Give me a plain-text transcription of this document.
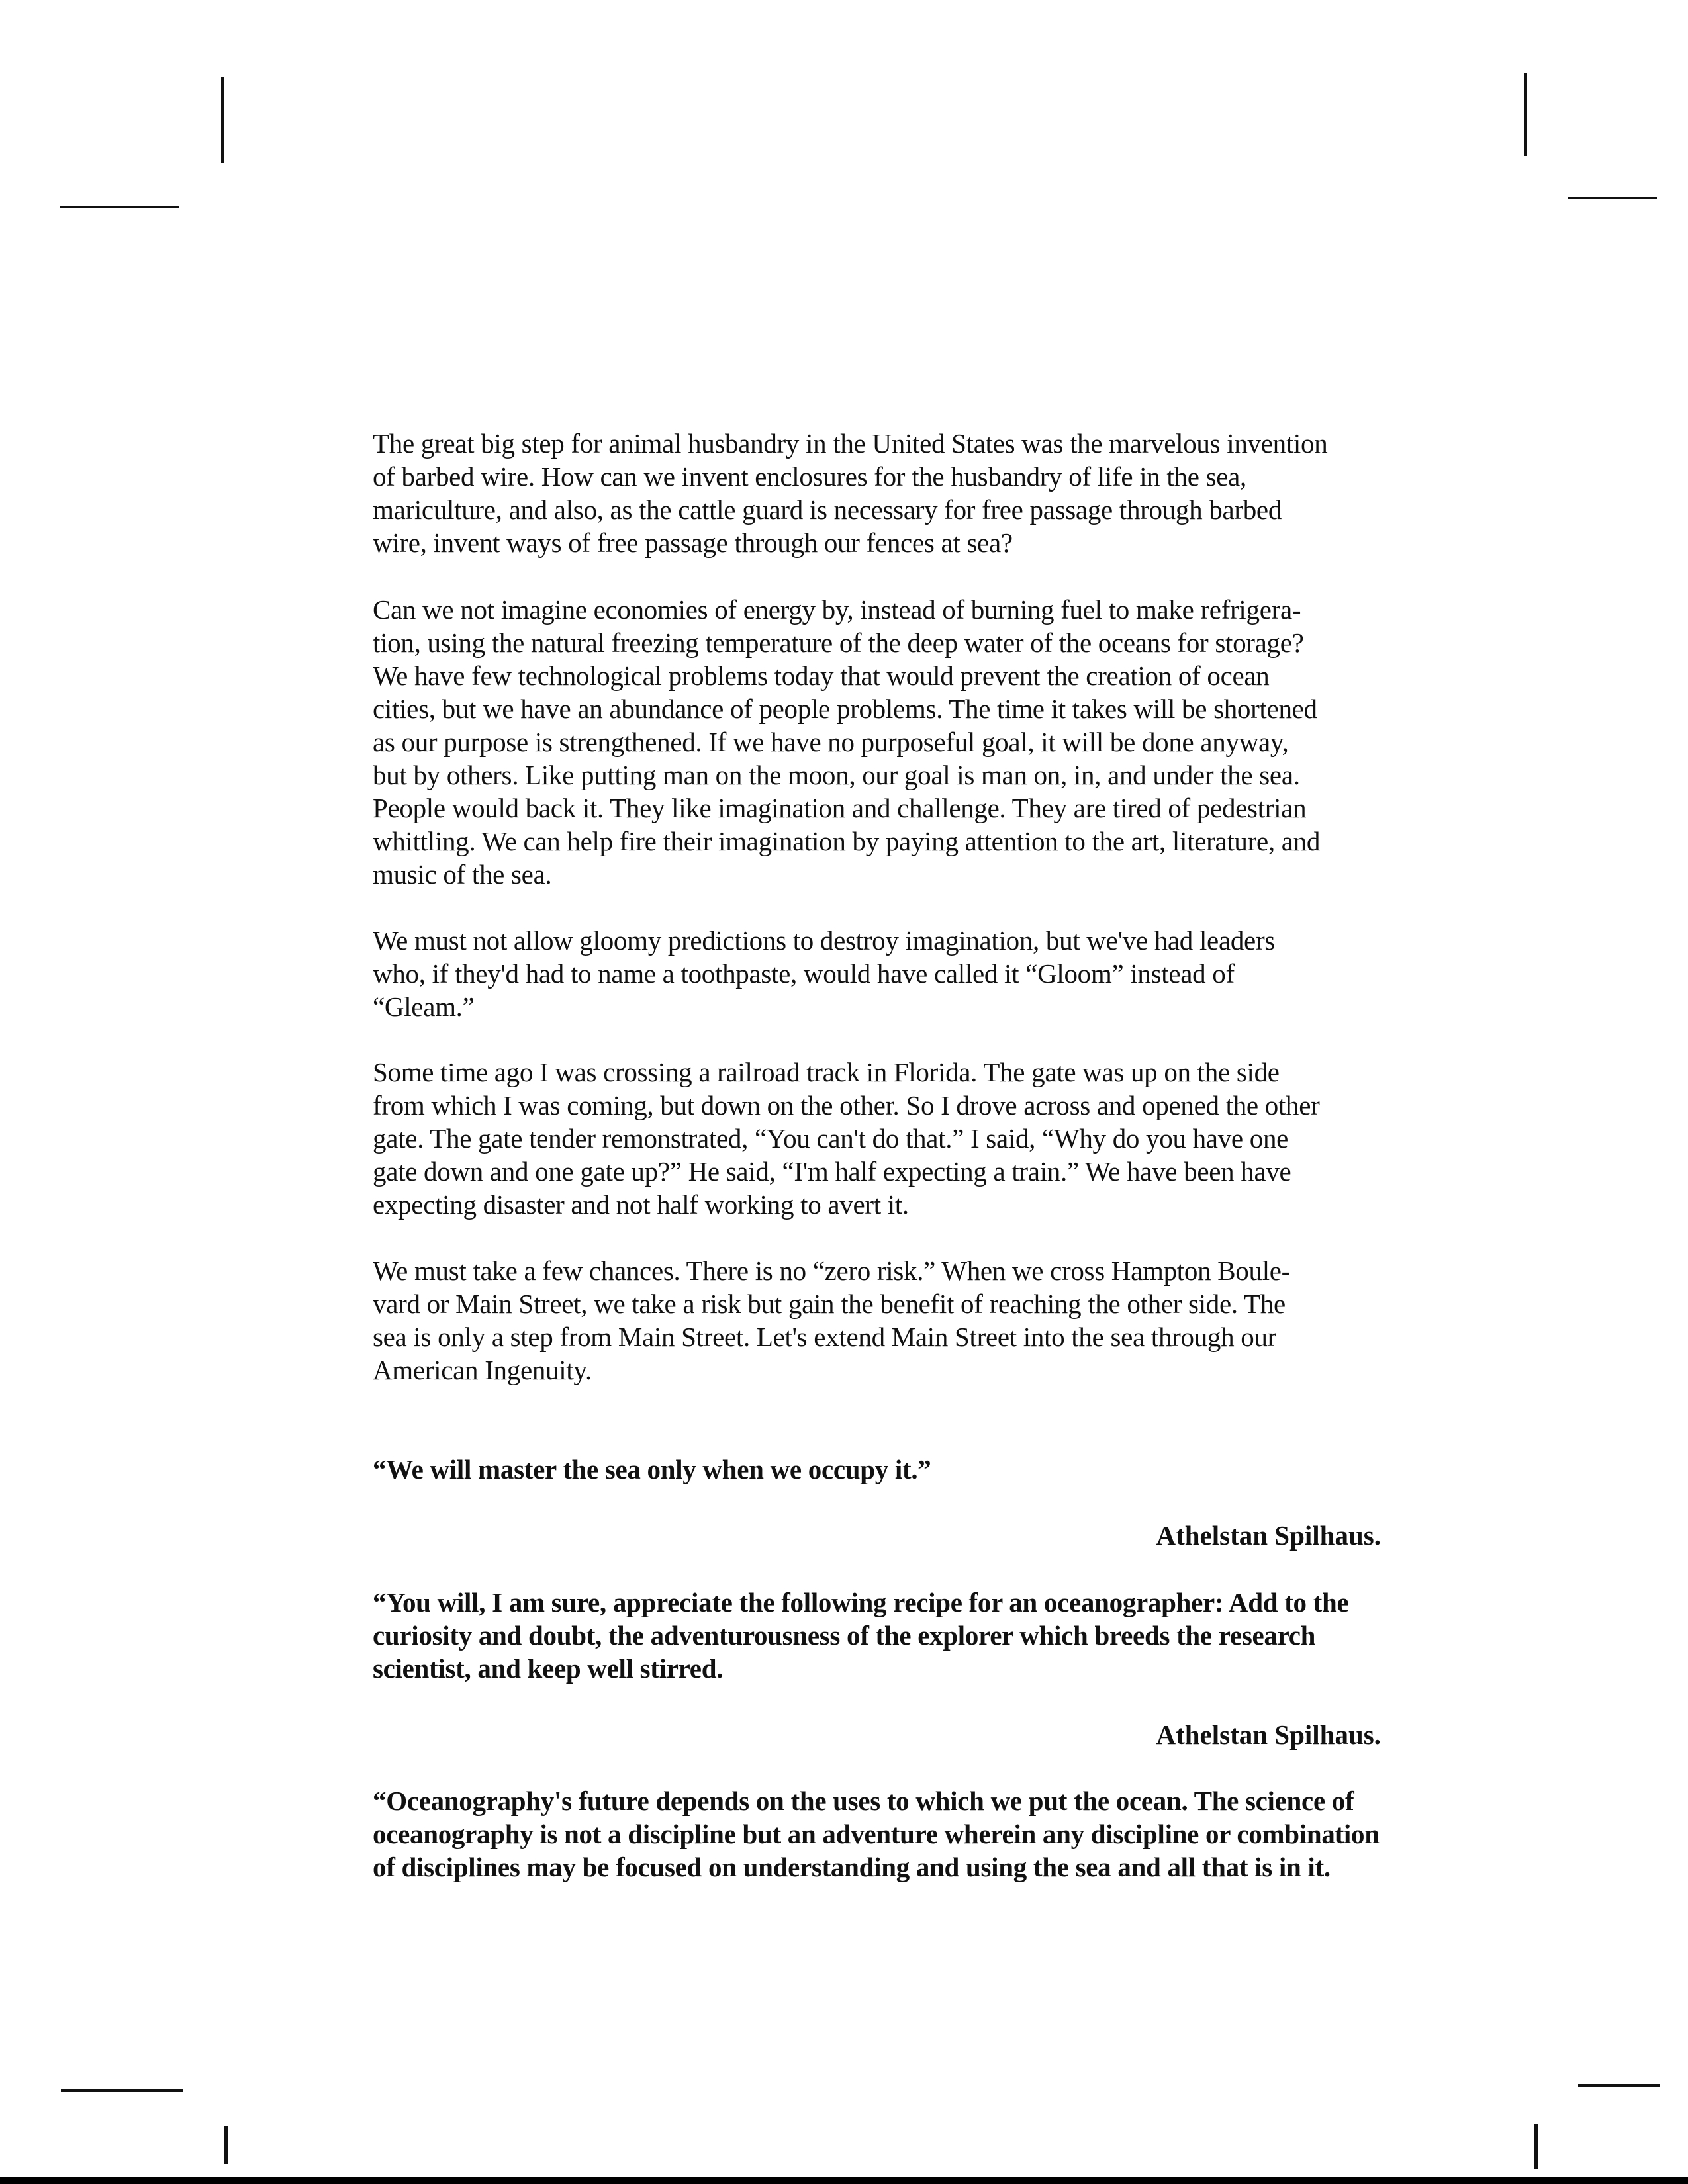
The great big step for animal husbandry in the United States was the marvelous invention
of barbed wire. How can we invent enclosures for the husbandry of life in the sea,
mariculture, and also, as the cattle guard is necessary for free passage through barbed
wire, invent ways of free passage through our fences at sea?

Can we not imagine economies of energy by, instead of burning fuel to make refrigera-
tion, using the natural freezing temperature of the deep water of the oceans for storage?
We have few technological problems today that would prevent the creation of ocean
cities, but we have an abundance of people problems. The time it takes will be shortened
as our purpose is strengthened. If we have no purposeful goal, it will be done anyway,
but by others. Like putting man on the moon, our goal is man on, in, and under the sea.
People would back it. They like imagination and challenge. They are tired of pedestrian
whittling. We can help fire their imagination by paying attention to the art, literature, and
music of the sea.

We must not allow gloomy predictions to destroy imagination, but we've had leaders
who, if they'd had to name a toothpaste, would have called it “Gloom” instead of
“Gleam.”

Some time ago I was crossing a railroad track in Florida. The gate was up on the side
from which I was coming, but down on the other. So I drove across and opened the other
gate. The gate tender remonstrated, “You can't do that.” I said, “Why do you have one
gate down and one gate up?” He said, “I'm half expecting a train.” We have been have
expecting disaster and not half working to avert it.

We must take a few chances. There is no “zero risk.” When we cross Hampton Boule-
vard or Main Street, we take a risk but gain the benefit of reaching the other side. The
sea is only a step from Main Street. Let's extend Main Street into the sea through our
American Ingenuity.

“We will master the sea only when we occupy it.”

Athelstan Spilhaus.

“You will, I am sure, appreciate the following recipe for an oceanographer: Add to the
curiosity and doubt, the adventurousness of the explorer which breeds the research
scientist, and keep well stirred.

Athelstan Spilhaus.

“Oceanography's future depends on the uses to which we put the ocean. The science of
oceanography is not a discipline but an adventure wherein any discipline or combination
of disciplines may be focused on understanding and using the sea and all that is in it.
